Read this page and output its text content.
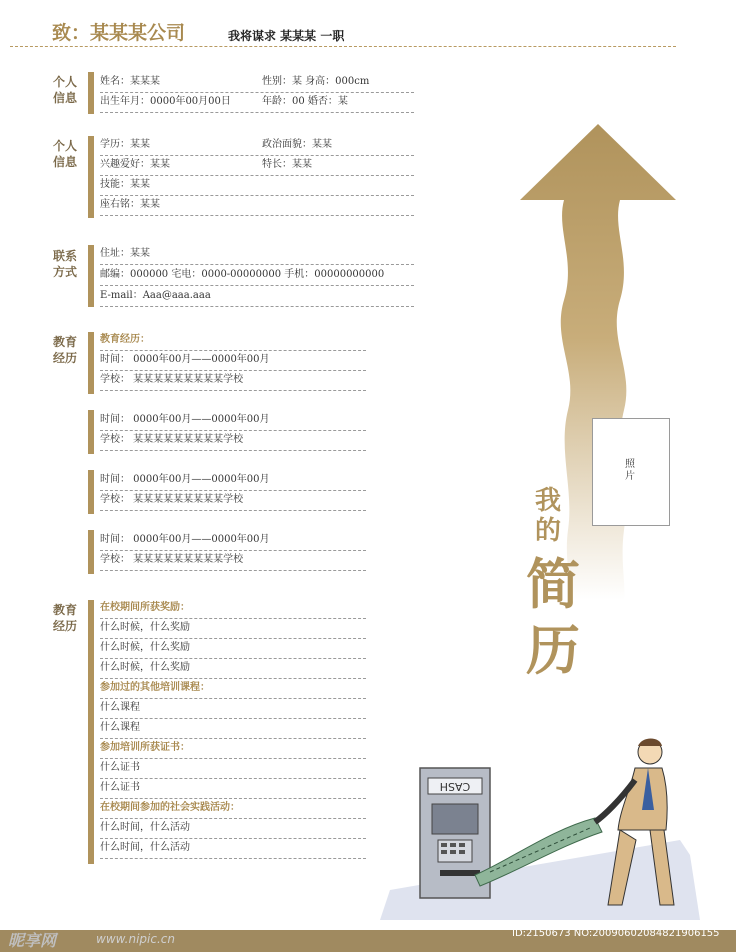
致：某某某公司	我将谋求 某某某 一职
个人信息
姓名：某某某	性别：某 身高：000cm
出生年月：0000年00月00日	年龄：00 婚否：某
个人信息
学历：某某	政治面貌：某某
兴趣爱好：某某	特长：某某
技能：某某
座右铭：某某
联系方式
住址：某某
邮编：000000 宅电：0000-00000000 手机：00000000000
E-mail：Aaa@aaa.aaa
教育经历
教育经历：
时间： 0000年00月——0000年00月
学校： 某某某某某某某某某学校
时间： 0000年00月——0000年00月
学校： 某某某某某某某某某学校
时间： 0000年00月——0000年00月
学校： 某某某某某某某某某学校
时间： 0000年00月——0000年00月
学校： 某某某某某某某某某学校
教育经历
在校期间所获奖励：
什么时候，什么奖励
什么时候，什么奖励
什么时候，什么奖励
参加过的其他培训课程：
什么课程
什么课程
参加培训所获证书：
什么证书
什么证书
在校期间参加的社会实践活动：
什么时间，什么活动
什么时间，什么活动
照片
我的
简历
CASH
昵享网	www.nipic.cn	ID:2150673 NO:20090602084821906155
